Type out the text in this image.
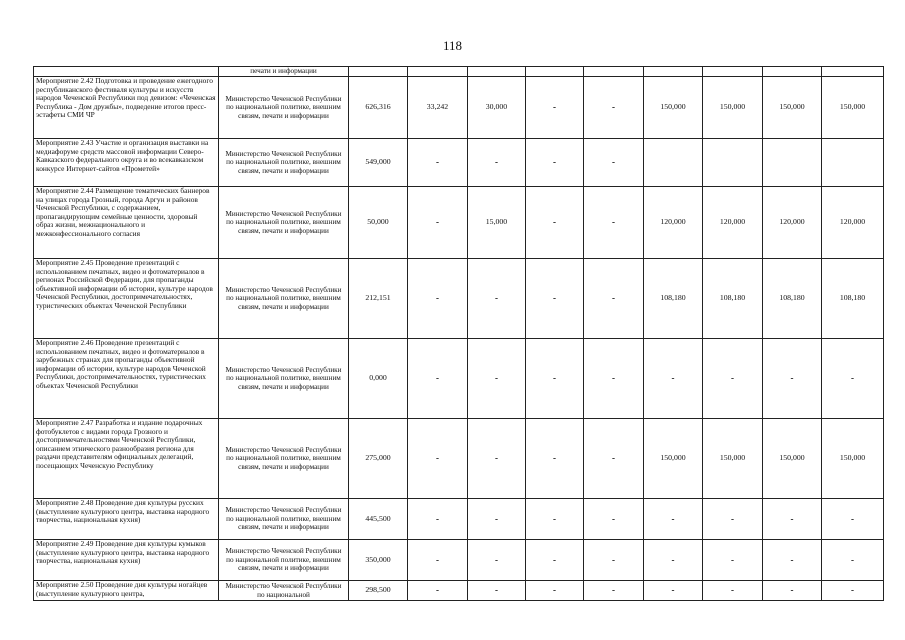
118
	печати и информации									
Мероприятие 2.42 Подготовка и проведение ежегодного республиканского фестиваля культуры и искусств народов Чеченской Республики под девизом: «Чеченская Республика - Дом дружбы», подведение итогов пресс-эстафеты СМИ ЧР	Министерство Чеченской Республики по национальной политике, внешним связям, печати и информации	626,316	33,242	30,000	-	-	150,000	150,000	150,000	150,000
Мероприятие 2.43 Участие и организация выставки на медиафоруме средств массовой информации Северо-Кавказского федерального округа и во всекавказском конкурсе Интернет-сайтов «Прометей»	Министерство Чеченской Республики по национальной политике, внешним связям, печати и информации	549,000	-	-	-	-				
Мероприятие 2.44 Размещение тематических баннеров на улицах города Грозный, города Аргун и районов Чеченской Республики, с содержанием, пропагандирующим семейные ценности, здоровый образ жизни, межнационального и межконфессионального согласия	Министерство Чеченской Республики по национальной политике, внешним связям, печати и информации	50,000	-	15,000	-	-	120,000	120,000	120,000	120,000
Мероприятие 2.45 Проведение презентаций с использованием печатных, видео и фотоматериалов в регионах Российской Федерации, для пропаганды объективной информации об истории, культуре народов Чеченской Республики, достопримечательностях, туристических объектах Чеченской Республики	Министерство Чеченской Республики по национальной политике, внешним связям, печати и информации	212,151	-	-	-	-	108,180	108,180	108,180	108,180
Мероприятие 2.46 Проведение презентаций с использованием печатных, видео и фотоматериалов в зарубежных странах для пропаганды объективной информации об истории, культуре народов Чеченской Республики, достопримечательностях, туристических объектах Чеченской Республики	Министерство Чеченской Республики по национальной политике, внешним связям, печати и информации	0,000	-	-	-	-	-	-	-	-
Мероприятие 2.47 Разработка и издание подарочных фотобуклетов с видами города Грозного и достопримечательностями Чеченской Республики, описанием этнического разнообразия региона для раздачи представителям официальных делегаций, посещающих Чеченскую Республику	Министерство Чеченской Республики по национальной политике, внешним связям, печати и информации	275,000	-	-	-	-	150,000	150,000	150,000	150,000
Мероприятие 2.48 Проведение дня культуры русских (выступление культурного центра, выставка народного творчества, национальная кухня)	Министерство Чеченской Республики по национальной политике, внешним связям, печати и информации	445,500	-	-	-	-	-	-	-	-
Мероприятие 2.49 Проведение дня культуры кумыков (выступление культурного центра, выставка народного творчества, национальная кухня)	Министерство Чеченской Республики по национальной политике, внешним связям, печати и информации	350,000	-	-	-	-	-	-	-	-
Мероприятие 2.50 Проведение дня культуры ногайцев (выступление культурного центра,	Министерство Чеченской Республики по национальной	298,500	-	-	-	-	-	-	-	-
